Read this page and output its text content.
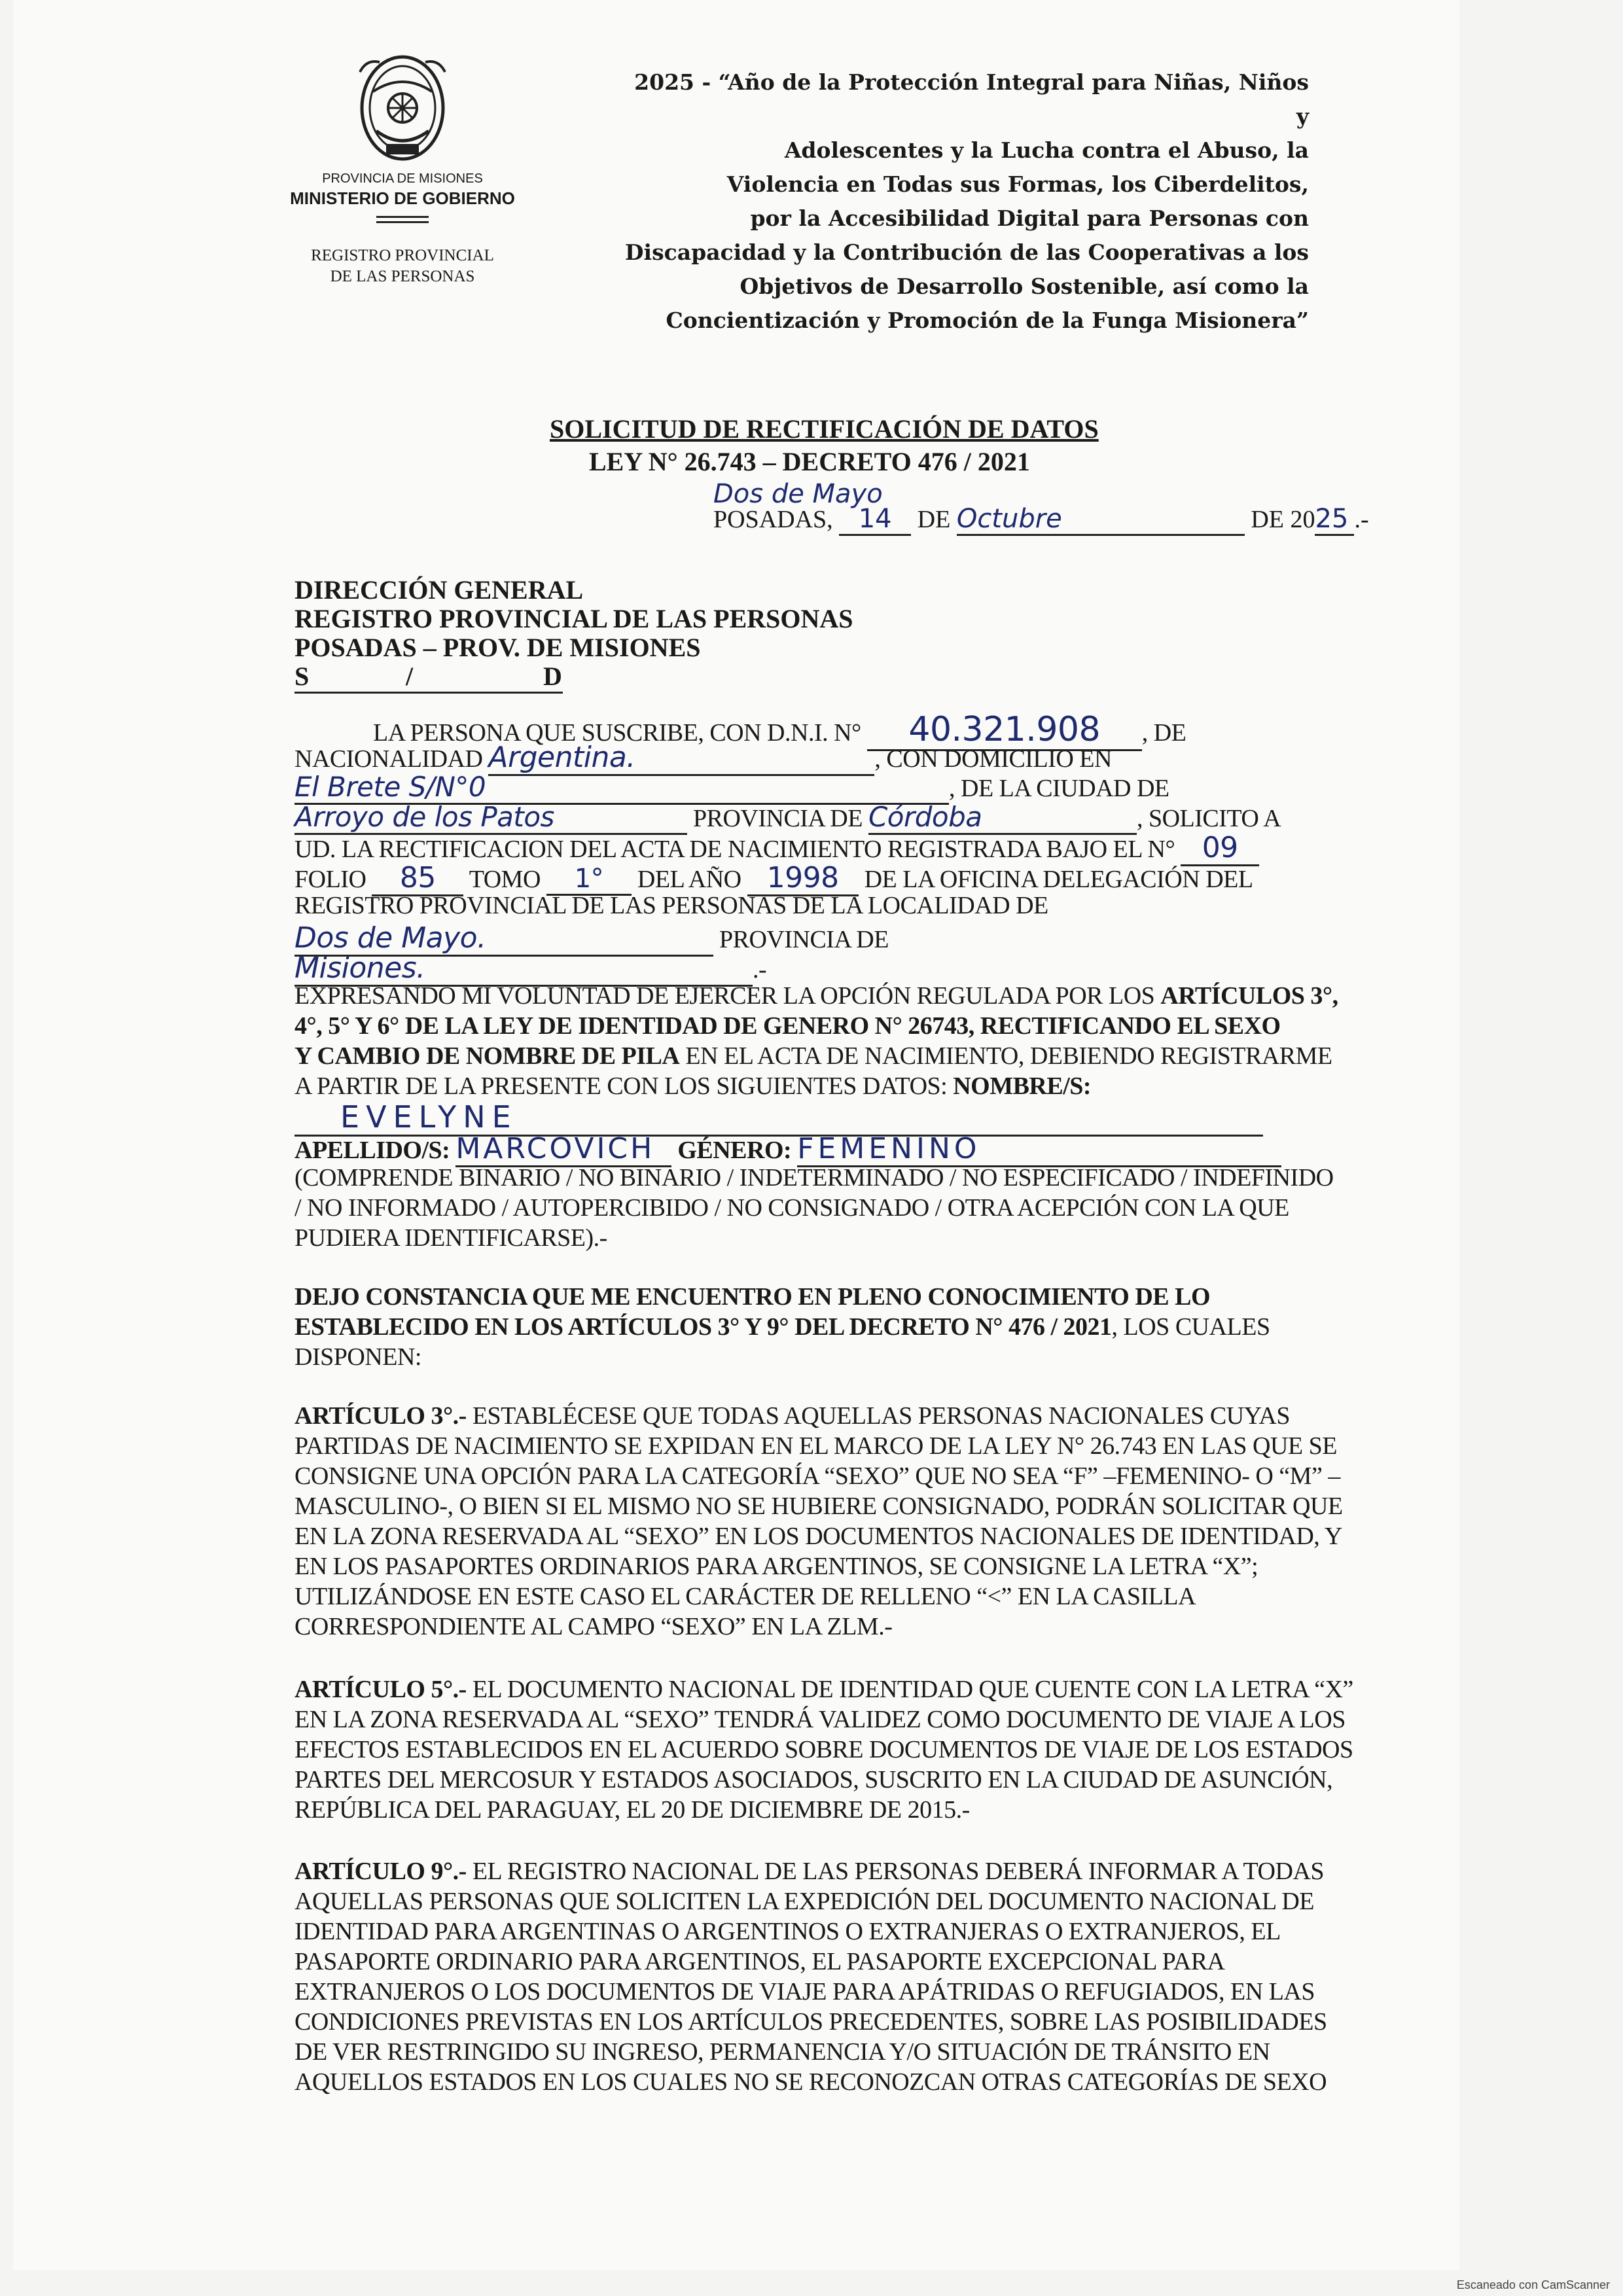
PROVINCIA DE MISIONES
MINISTERIO DE GOBIERNO
REGISTRO PROVINCIAL
DE LAS PERSONAS
2025 - “Año de la Protección Integral para Niñas, Niños y
Adolescentes y la Lucha contra el Abuso, la
Violencia en Todas sus Formas, los Ciberdelitos,
por la Accesibilidad Digital para Personas con
Discapacidad y la Contribución de las Cooperativas a los
Objetivos de Desarrollo Sostenible, así como la
Concientización y Promoción de la Funga Misionera”
SOLICITUD DE RECTIFICACIÓN DE DATOS
LEY N° 26.743 – DECRETO 476 / 2021
Dos de Mayo
POSADAS, 14 DE Octubre	DE 2025 .-
DIRECCIÓN GENERAL
REGISTRO PROVINCIAL DE LAS PERSONAS
POSADAS – PROV. DE MISIONES
S	/	D
LA PERSONA QUE SUSCRIBE, CON D.N.I. N° 40.321.908 , DE
NACIONALIDAD Argentina.	, CON DOMICILIO EN
El Brete S/N°0	, DE LA CIUDAD DE
Arroyo de los Patos	PROVINCIA DE Córdoba	, SOLICITO A
UD. LA RECTIFICACION DEL ACTA DE NACIMIENTO REGISTRADA BAJO EL N° 09
FOLIO 85 TOMO 1° DEL AÑO 1998 DE LA OFICINA DELEGACIÓN DEL
REGISTRO PROVINCIAL DE LAS PERSONAS DE LA LOCALIDAD DE
Dos de Mayo.	PROVINCIA DE
Misiones.	.-
EXPRESANDO MI VOLUNTAD DE EJERCER LA OPCIÓN REGULADA POR LOS ARTÍCULOS 3°,
4°, 5° Y 6° DE LA LEY DE IDENTIDAD DE GENERO N° 26743, RECTIFICANDO EL SEXO
Y CAMBIO DE NOMBRE DE PILA EN EL ACTA DE NACIMIENTO, DEBIENDO REGISTRARME
A PARTIR DE LA PRESENTE CON LOS SIGUIENTES DATOS: NOMBRE/S:
EVELYNE
APELLIDO/S: MARCOVICH GÉNERO: FEMENINO
(COMPRENDE BINARIO / NO BINARIO / INDETERMINADO / NO ESPECIFICADO / INDEFINIDO
/ NO INFORMADO / AUTOPERCIBIDO / NO CONSIGNADO / OTRA ACEPCIÓN CON LA QUE
PUDIERA IDENTIFICARSE).-
DEJO CONSTANCIA QUE ME ENCUENTRO EN PLENO CONOCIMIENTO DE LO
ESTABLECIDO EN LOS ARTÍCULOS 3° Y 9° DEL DECRETO N° 476 / 2021, LOS CUALES
DISPONEN:
ARTÍCULO 3°.- ESTABLÉCESE QUE TODAS AQUELLAS PERSONAS NACIONALES CUYAS
PARTIDAS DE NACIMIENTO SE EXPIDAN EN EL MARCO DE LA LEY N° 26.743 EN LAS QUE SE
CONSIGNE UNA OPCIÓN PARA LA CATEGORÍA “SEXO” QUE NO SEA “F” –FEMENINO- O “M” –
MASCULINO-, O BIEN SI EL MISMO NO SE HUBIERE CONSIGNADO, PODRÁN SOLICITAR QUE
EN LA ZONA RESERVADA AL “SEXO” EN LOS DOCUMENTOS NACIONALES DE IDENTIDAD, Y
EN LOS PASAPORTES ORDINARIOS PARA ARGENTINOS, SE CONSIGNE LA LETRA “X”;
UTILIZÁNDOSE EN ESTE CASO EL CARÁCTER DE RELLENO “<” EN LA CASILLA
CORRESPONDIENTE AL CAMPO “SEXO” EN LA ZLM.-
ARTÍCULO 5°.- EL DOCUMENTO NACIONAL DE IDENTIDAD QUE CUENTE CON LA LETRA “X”
EN LA ZONA RESERVADA AL “SEXO” TENDRÁ VALIDEZ COMO DOCUMENTO DE VIAJE A LOS
EFECTOS ESTABLECIDOS EN EL ACUERDO SOBRE DOCUMENTOS DE VIAJE DE LOS ESTADOS
PARTES DEL MERCOSUR Y ESTADOS ASOCIADOS, SUSCRITO EN LA CIUDAD DE ASUNCIÓN,
REPÚBLICA DEL PARAGUAY, EL 20 DE DICIEMBRE DE 2015.-
ARTÍCULO 9°.- EL REGISTRO NACIONAL DE LAS PERSONAS DEBERÁ INFORMAR A TODAS
AQUELLAS PERSONAS QUE SOLICITEN LA EXPEDICIÓN DEL DOCUMENTO NACIONAL DE
IDENTIDAD PARA ARGENTINAS O ARGENTINOS O EXTRANJERAS O EXTRANJEROS, EL
PASAPORTE ORDINARIO PARA ARGENTINOS, EL PASAPORTE EXCEPCIONAL PARA
EXTRANJEROS O LOS DOCUMENTOS DE VIAJE PARA APÁTRIDAS O REFUGIADOS, EN LAS
CONDICIONES PREVISTAS EN LOS ARTÍCULOS PRECEDENTES, SOBRE LAS POSIBILIDADES
DE VER RESTRINGIDO SU INGRESO, PERMANENCIA Y/O SITUACIÓN DE TRÁNSITO EN
AQUELLOS ESTADOS EN LOS CUALES NO SE RECONOZCAN OTRAS CATEGORÍAS DE SEXO
Escaneado con CamScanner
